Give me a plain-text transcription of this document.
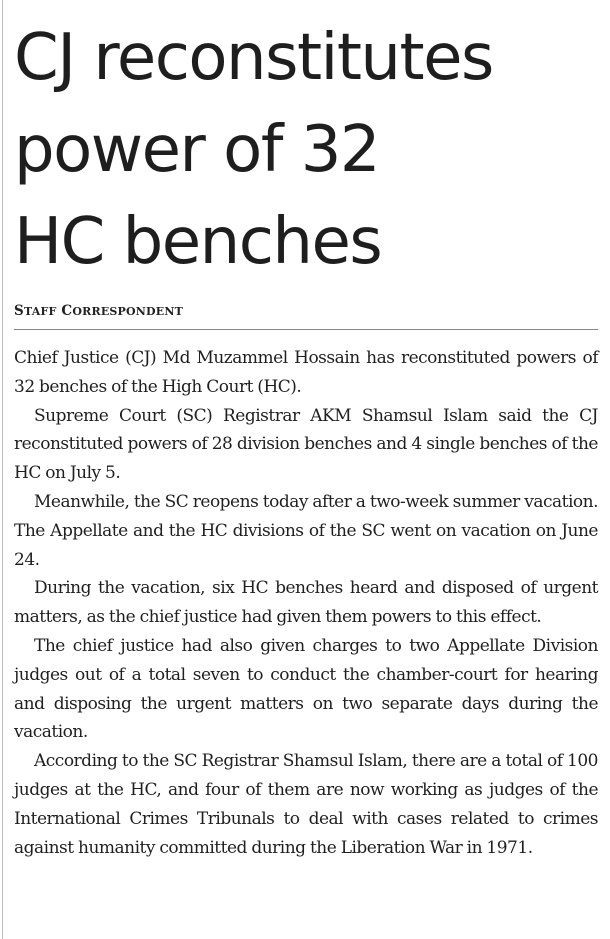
CJ reconstitutes
power of 32
HC benches
STAFF CORRESPONDENT

Chief Justice (CJ) Md Muzammel Hossain has reconstituted powers of 32 benches of the High Court (HC).

Supreme Court (SC) Registrar AKM Shamsul Islam said the CJ reconstituted powers of 28 division benches and 4 single benches of the HC on July 5.

Meanwhile, the SC reopens today after a two-week summer vacation. The Appellate and the HC divisions of the SC went on vacation on June 24.

During the vacation, six HC benches heard and disposed of urgent matters, as the chief justice had given them powers to this effect.

The chief justice had also given charges to two Appellate Division judges out of a total seven to conduct the chamber-court for hearing and disposing the urgent matters on two separate days during the vacation.

According to the SC Registrar Shamsul Islam, there are a total of 100 judges at the HC, and four of them are now working as judges of the International Crimes Tribunals to deal with cases related to crimes against humanity committed during the Liberation War in 1971.
